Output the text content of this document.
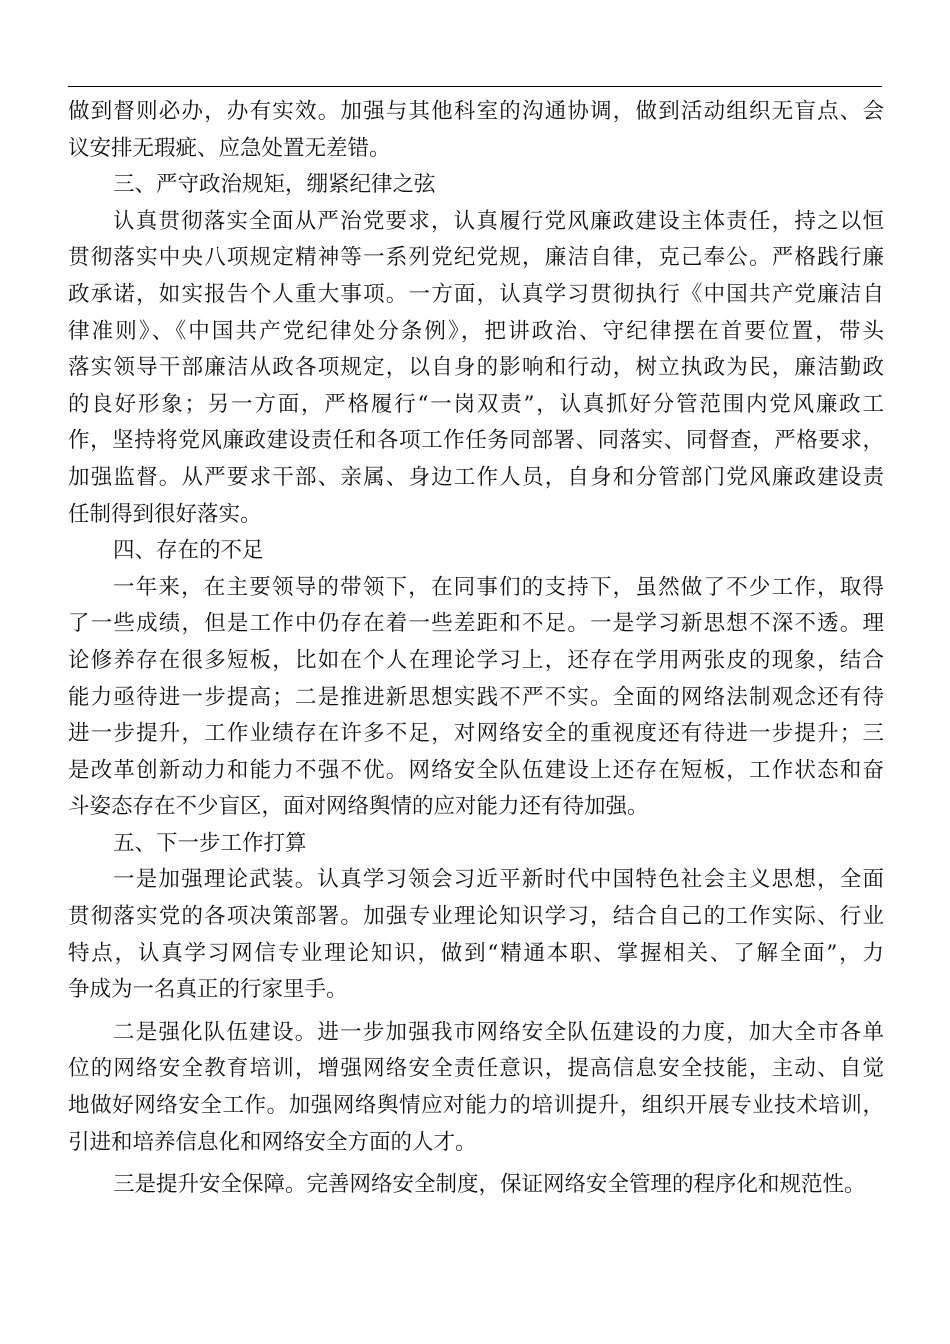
做到督则必办，办有实效。加强与其他科室的沟通协调，做到活动组织无盲点、会
议安排无瑕疵、应急处置无差错。
三、严守政治规矩，绷紧纪律之弦
认真贯彻落实全面从严治党要求，认真履行党风廉政建设主体责任，持之以恒
贯彻落实中央八项规定精神等一系列党纪党规，廉洁自律，克己奉公。严格践行廉
政承诺，如实报告个人重大事项。一方面，认真学习贯彻执行《中国共产党廉洁自
律准则》、《中国共产党纪律处分条例》，把讲政治、守纪律摆在首要位置，带头
落实领导干部廉洁从政各项规定，以自身的影响和行动，树立执政为民，廉洁勤政
的良好形象；另一方面，严格履行“一岗双责”，认真抓好分管范围内党风廉政工
作，坚持将党风廉政建设责任和各项工作任务同部署、同落实、同督查，严格要求，
加强监督。从严要求干部、亲属、身边工作人员，自身和分管部门党风廉政建设责
任制得到很好落实。
四、存在的不足
一年来，在主要领导的带领下，在同事们的支持下，虽然做了不少工作，取得
了一些成绩，但是工作中仍存在着一些差距和不足。一是学习新思想不深不透。理
论修养存在很多短板，比如在个人在理论学习上，还存在学用两张皮的现象，结合
能力亟待进一步提高；二是推进新思想实践不严不实。全面的网络法制观念还有待
进一步提升，工作业绩存在许多不足，对网络安全的重视度还有待进一步提升；三
是改革创新动力和能力不强不优。网络安全队伍建设上还存在短板，工作状态和奋
斗姿态存在不少盲区，面对网络舆情的应对能力还有待加强。
五、下一步工作打算
一是加强理论武装。认真学习领会习近平新时代中国特色社会主义思想，全面
贯彻落实党的各项决策部署。加强专业理论知识学习，结合自己的工作实际、行业
特点，认真学习网信专业理论知识，做到“精通本职、掌握相关、了解全面”，力
争成为一名真正的行家里手。
二是强化队伍建设。进一步加强我市网络安全队伍建设的力度，加大全市各单
位的网络安全教育培训，增强网络安全责任意识，提高信息安全技能，主动、自觉
地做好网络安全工作。加强网络舆情应对能力的培训提升，组织开展专业技术培训，
引进和培养信息化和网络安全方面的人才。
三是提升安全保障。完善网络安全制度，保证网络安全管理的程序化和规范性。
